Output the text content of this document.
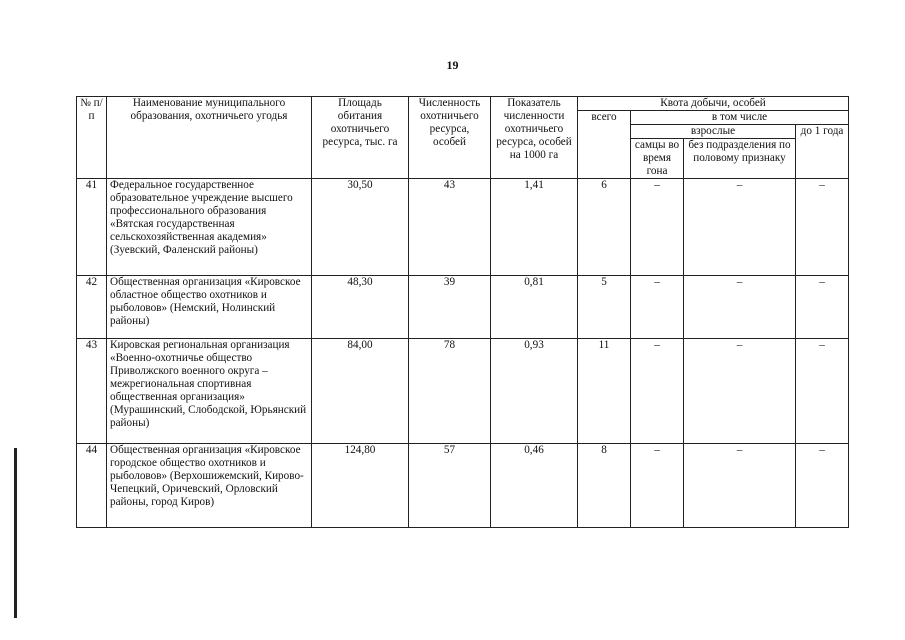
19
№ п/п	Наименование муниципального образования, охотничьего угодья	Площадь обитания охотничьего ресурса, тыс. га	Численность охотничьего ресурса, особей	Показатель численности охотничьего ресурса, особей на 1000 га	Квота добычи, особей			
					всего	в том числе		
						взрослые		до 1 года
						самцы во время гона	без подразделения по половому признаку	
41	Федеральное государственное образовательное учреждение высшего профессионального образования «Вятская государственная сельскохозяйственная академия» (Зуевский, Фаленский районы)	30,50	43	1,41	6	–	–	–
42	Общественная организация «Кировское областное общество охотников и рыболовов» (Немский, Нолинский районы)	48,30	39	0,81	5	–	–	–
43	Кировская региональная организация «Военно-охотничье общество Приволжского военного округа – межрегиональная спортивная общественная организация» (Мурашинский, Слободской, Юрьянский районы)	84,00	78	0,93	11	–	–	–
44	Общественная организация «Кировское городское общество охотников и рыболовов» (Верхошижемский, Кирово-Чепецкий, Оричевский, Орловский районы, город Киров)	124,80	57	0,46	8	–	–	–
